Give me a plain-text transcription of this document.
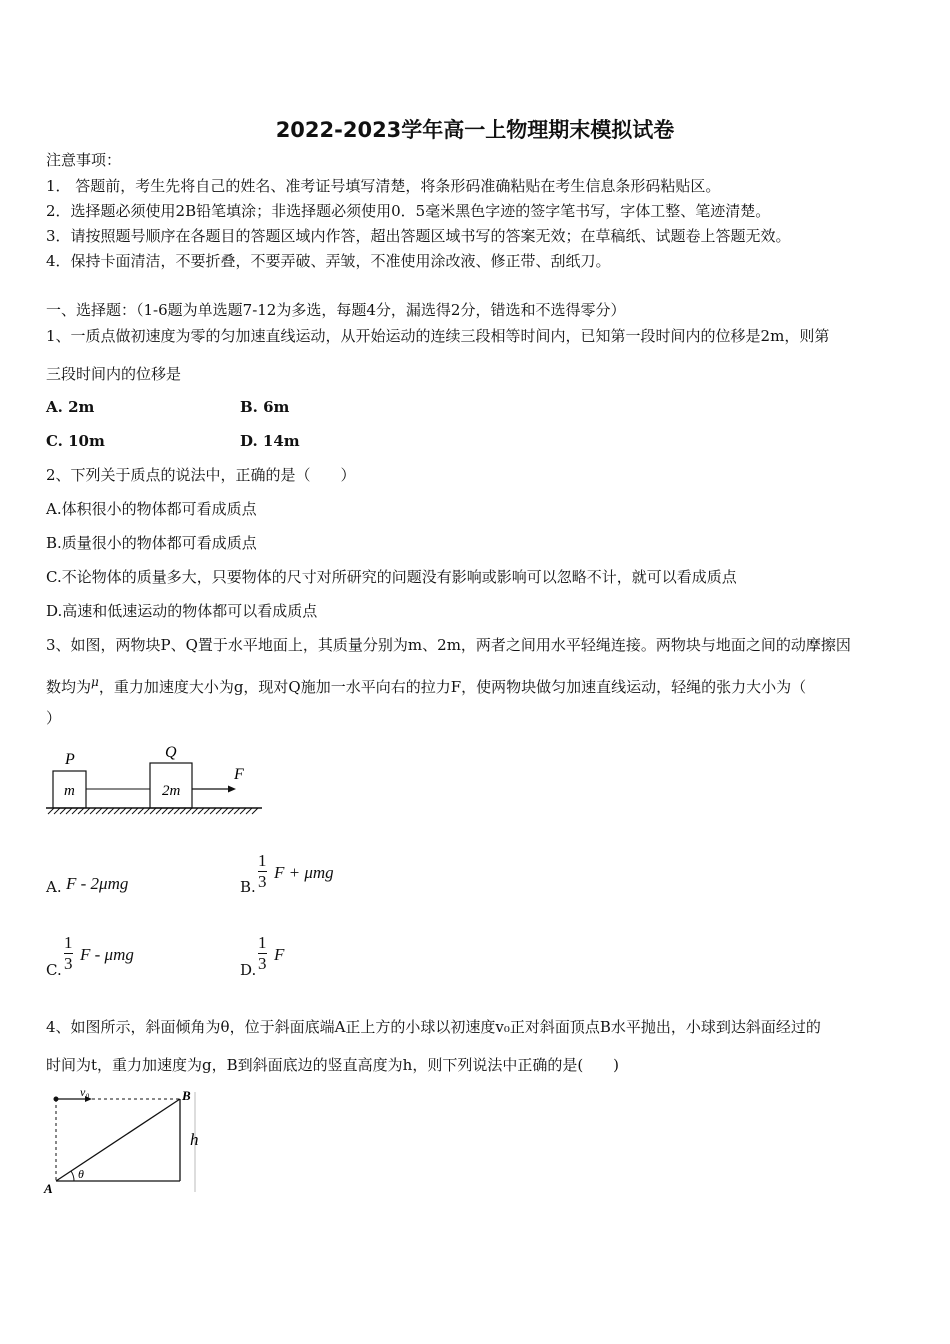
2022-2023学年高一上物理期末模拟试卷
注意事项：
1． 答题前，考生先将自己的姓名、准考证号填写清楚，将条形码准确粘贴在考生信息条形码粘贴区。
2．选择题必须使用2B铅笔填涂；非选择题必须使用0．5毫米黑色字迹的签字笔书写，字体工整、笔迹清楚。
3．请按照题号顺序在各题目的答题区域内作答，超出答题区域书写的答案无效；在草稿纸、试题卷上答题无效。
4．保持卡面清洁，不要折叠，不要弄破、弄皱，不准使用涂改液、修正带、刮纸刀。
一、选择题：（1-6题为单选题7-12为多选，每题4分，漏选得2分，错选和不选得零分）
1、一质点做初速度为零的匀加速直线运动，从开始运动的连续三段相等时间内，已知第一段时间内的位移是2m，则第
三段时间内的位移是
A. 2m	B. 6m
C. 10m	D. 14m
2、下列关于质点的说法中，正确的是（　　）
A.体积很小的物体都可看成质点
B.质量很小的物体都可看成质点
C.不论物体的质量多大，只要物体的尺寸对所研究的问题没有影响或影响可以忽略不计，就可以看成质点
D.高速和低速运动的物体都可以看成质点
3、如图，两物块P、Q置于水平地面上，其质量分别为m、2m，两者之间用水平轻绳连接。两物块与地面之间的动摩擦因
数均为$^\mu$，重力加速度大小为g，现对Q施加一水平向右的拉力F，使两物块做匀加速直线运动，轻绳的张力大小为（
）
P	Q
m	2m
F
A. F - 2μmg	B.
1
3 F + μmg
C.
1
3 F - μmg
D.
1
3 F
4、如图所示，斜面倾角为θ，位于斜面底端A正上方的小球以初速度v₀正对斜面顶点B水平抛出，小球到达斜面经过的
时间为t，重力加速度为g，B到斜面底边的竖直高度为h，则下列说法中正确的是(　　)
v₀	B
h
A
θ
